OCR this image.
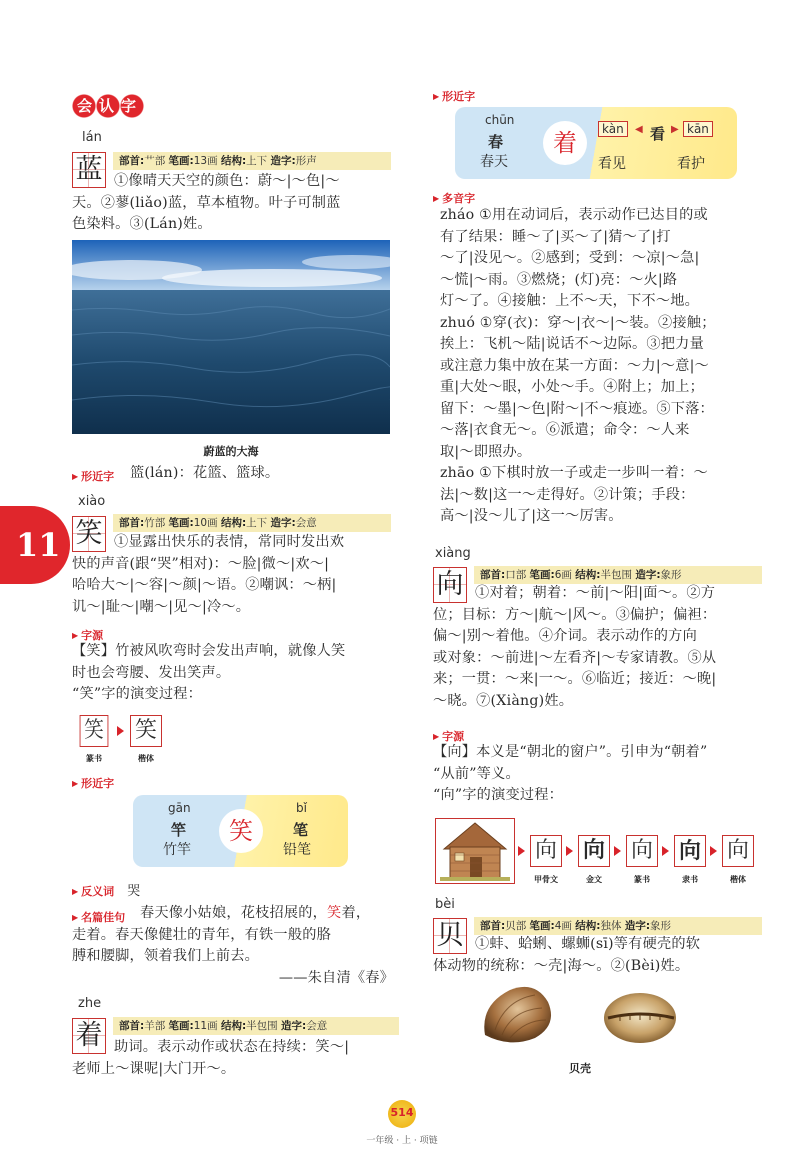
会认字
lán
蓝	部首:艹部 笔画:13画 结构:上下 造字:形声
①像晴天天空的颜色：蔚～|～色|～
天。②蓼(liǎo)蓝，草本植物。叶子可制蓝
色染料。③(Lán)姓。
蔚蓝的大海
▶ 形近字 篮(lán)：花篮、篮球。
11
xiào
笑	部首:竹部 笔画:10画 结构:上下 造字:会意
①显露出快乐的表情，常同时发出欢
快的声音(跟“哭”相对)：～脸|微～|欢～|
哈哈大～|～容|～颜|～语。②嘲讽：～柄|
讥～|耻～|嘲～|见～|冷～。
▶ 字源
【笑】竹被风吹弯时会发出声响，就像人笑
时也会弯腰、发出笑声。
“笑”字的演变过程：
笑 笑
篆书	楷体
▶ 形近字
gān
竿
竹竿
笑
bǐ
笔
铅笔
▶ 反义词 哭
▶ 名篇佳句	春天像小姑娘，花枝招展的，笑着，
走着。春天像健壮的青年，有铁一般的胳
膊和腰脚，领着我们上前去。
——朱自清《春》
zhe
着	部首:羊部 笔画:11画 结构:半包围 造字:会意
助词。表示动作或状态在持续：笑～|
老师上～课呢|大门开～。
▶ 形近字
chūn
春
春天
着	kàn 看	kān
◀	▶
看见	看护
▶ 多音字
zháo ①用在动词后，表示动作已达目的或
有了结果：睡～了|买～了|猜～了|打
～了|没见～。②感到；受到：～凉|～急|
～慌|～雨。③燃烧；(灯)亮：～火|路
灯～了。④接触：上不～天，下不～地。
zhuó ①穿(衣)：穿～|衣～|～装。②接触；
挨上：飞机～陆|说话不～边际。③把力量
或注意力集中放在某一方面：～力|～意|～
重|大处～眼，小处～手。④附上；加上；
留下：～墨|～色|附～|不～痕迹。⑤下落：
～落|衣食无～。⑥派遣；命令：～人来
取|～即照办。
zhāo ①下棋时放一子或走一步叫一着：～
法|～数|这一～走得好。②计策；手段：
高～|没～儿了|这一～厉害。
xiàng
向	部首:口部 笔画:6画 结构:半包围 造字:象形
①对着；朝着：～前|～阳|面～。②方
位；目标：方～|航～|风～。③偏护；偏袒：
偏～|别～着他。④介词。表示动作的方向
或对象：～前进|～左看齐|～专家请教。⑤从
来；一贯：～来|一～。⑥临近；接近：～晚|
～晓。⑦(Xiàng)姓。
▶ 字源
【向】本义是“朝北的窗户”。引申为“朝着”
“从前”等义。
“向”字的演变过程：
向 向 向 向 向
甲骨文	金文	篆书	隶书	楷体
bèi
贝	部首:贝部 笔画:4画 结构:独体 造字:象形
①蚌、蛤蜊、螺蛳(sī)等有硬壳的软
体动物的统称：～壳|海～。②(Bèi)姓。
贝壳
514
一年级 · 上 · 项链
